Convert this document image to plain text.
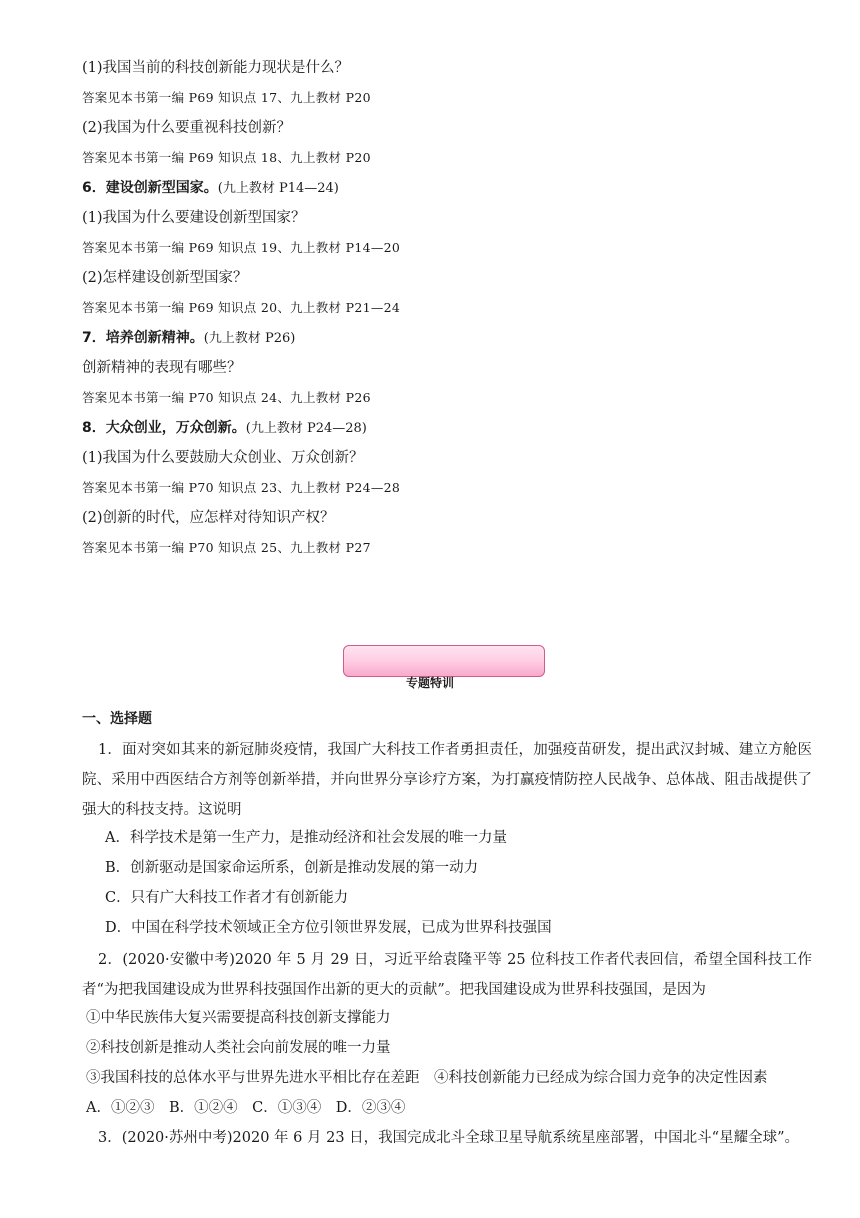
(1)我国当前的科技创新能力现状是什么？
答案见本书第一编 P69 知识点 17、九上教材 P20
(2)我国为什么要重视科技创新？
答案见本书第一编 P69 知识点 18、九上教材 P20
6．建设创新型国家。(九上教材 P14—24)
(1)我国为什么要建设创新型国家？
答案见本书第一编 P69 知识点 19、九上教材 P14—20
(2)怎样建设创新型国家？
答案见本书第一编 P69 知识点 20、九上教材 P21—24
7．培养创新精神。(九上教材 P26)
创新精神的表现有哪些？
答案见本书第一编 P70 知识点 24、九上教材 P26
8．大众创业，万众创新。(九上教材 P24—28)
(1)我国为什么要鼓励大众创业、万众创新？
答案见本书第一编 P70 知识点 23、九上教材 P24—28
(2)创新的时代，应怎样对待知识产权？
答案见本书第一编 P70 知识点 25、九上教材 P27
专题特训
一、选择题
1．面对突如其来的新冠肺炎疫情，我国广大科技工作者勇担责任，加强疫苗研发，提出武汉封城、建立方舱医院、采用中西医结合方剂等创新举措，并向世界分享诊疗方案，为打赢疫情防控人民战争、总体战、阻击战提供了强大的科技支持。这说明
A．科学技术是第一生产力，是推动经济和社会发展的唯一力量
B．创新驱动是国家命运所系，创新是推动发展的第一动力
C．只有广大科技工作者才有创新能力
D．中国在科学技术领域正全方位引领世界发展，已成为世界科技强国
2．(2020·安徽中考)2020 年 5 月 29 日，习近平给袁隆平等 25 位科技工作者代表回信，希望全国科技工作者“为把我国建设成为世界科技强国作出新的更大的贡献”。把我国建设成为世界科技强国，是因为
①中华民族伟大复兴需要提高科技创新支撑能力
②科技创新是推动人类社会向前发展的唯一力量
③我国科技的总体水平与世界先进水平相比存在差距　④科技创新能力已经成为综合国力竞争的决定性因素
A．①②③　B．①②④　C．①③④　D．②③④
3．(2020·苏州中考)2020 年 6 月 23 日，我国完成北斗全球卫星导航系统星座部署，中国北斗“星耀全球”。
